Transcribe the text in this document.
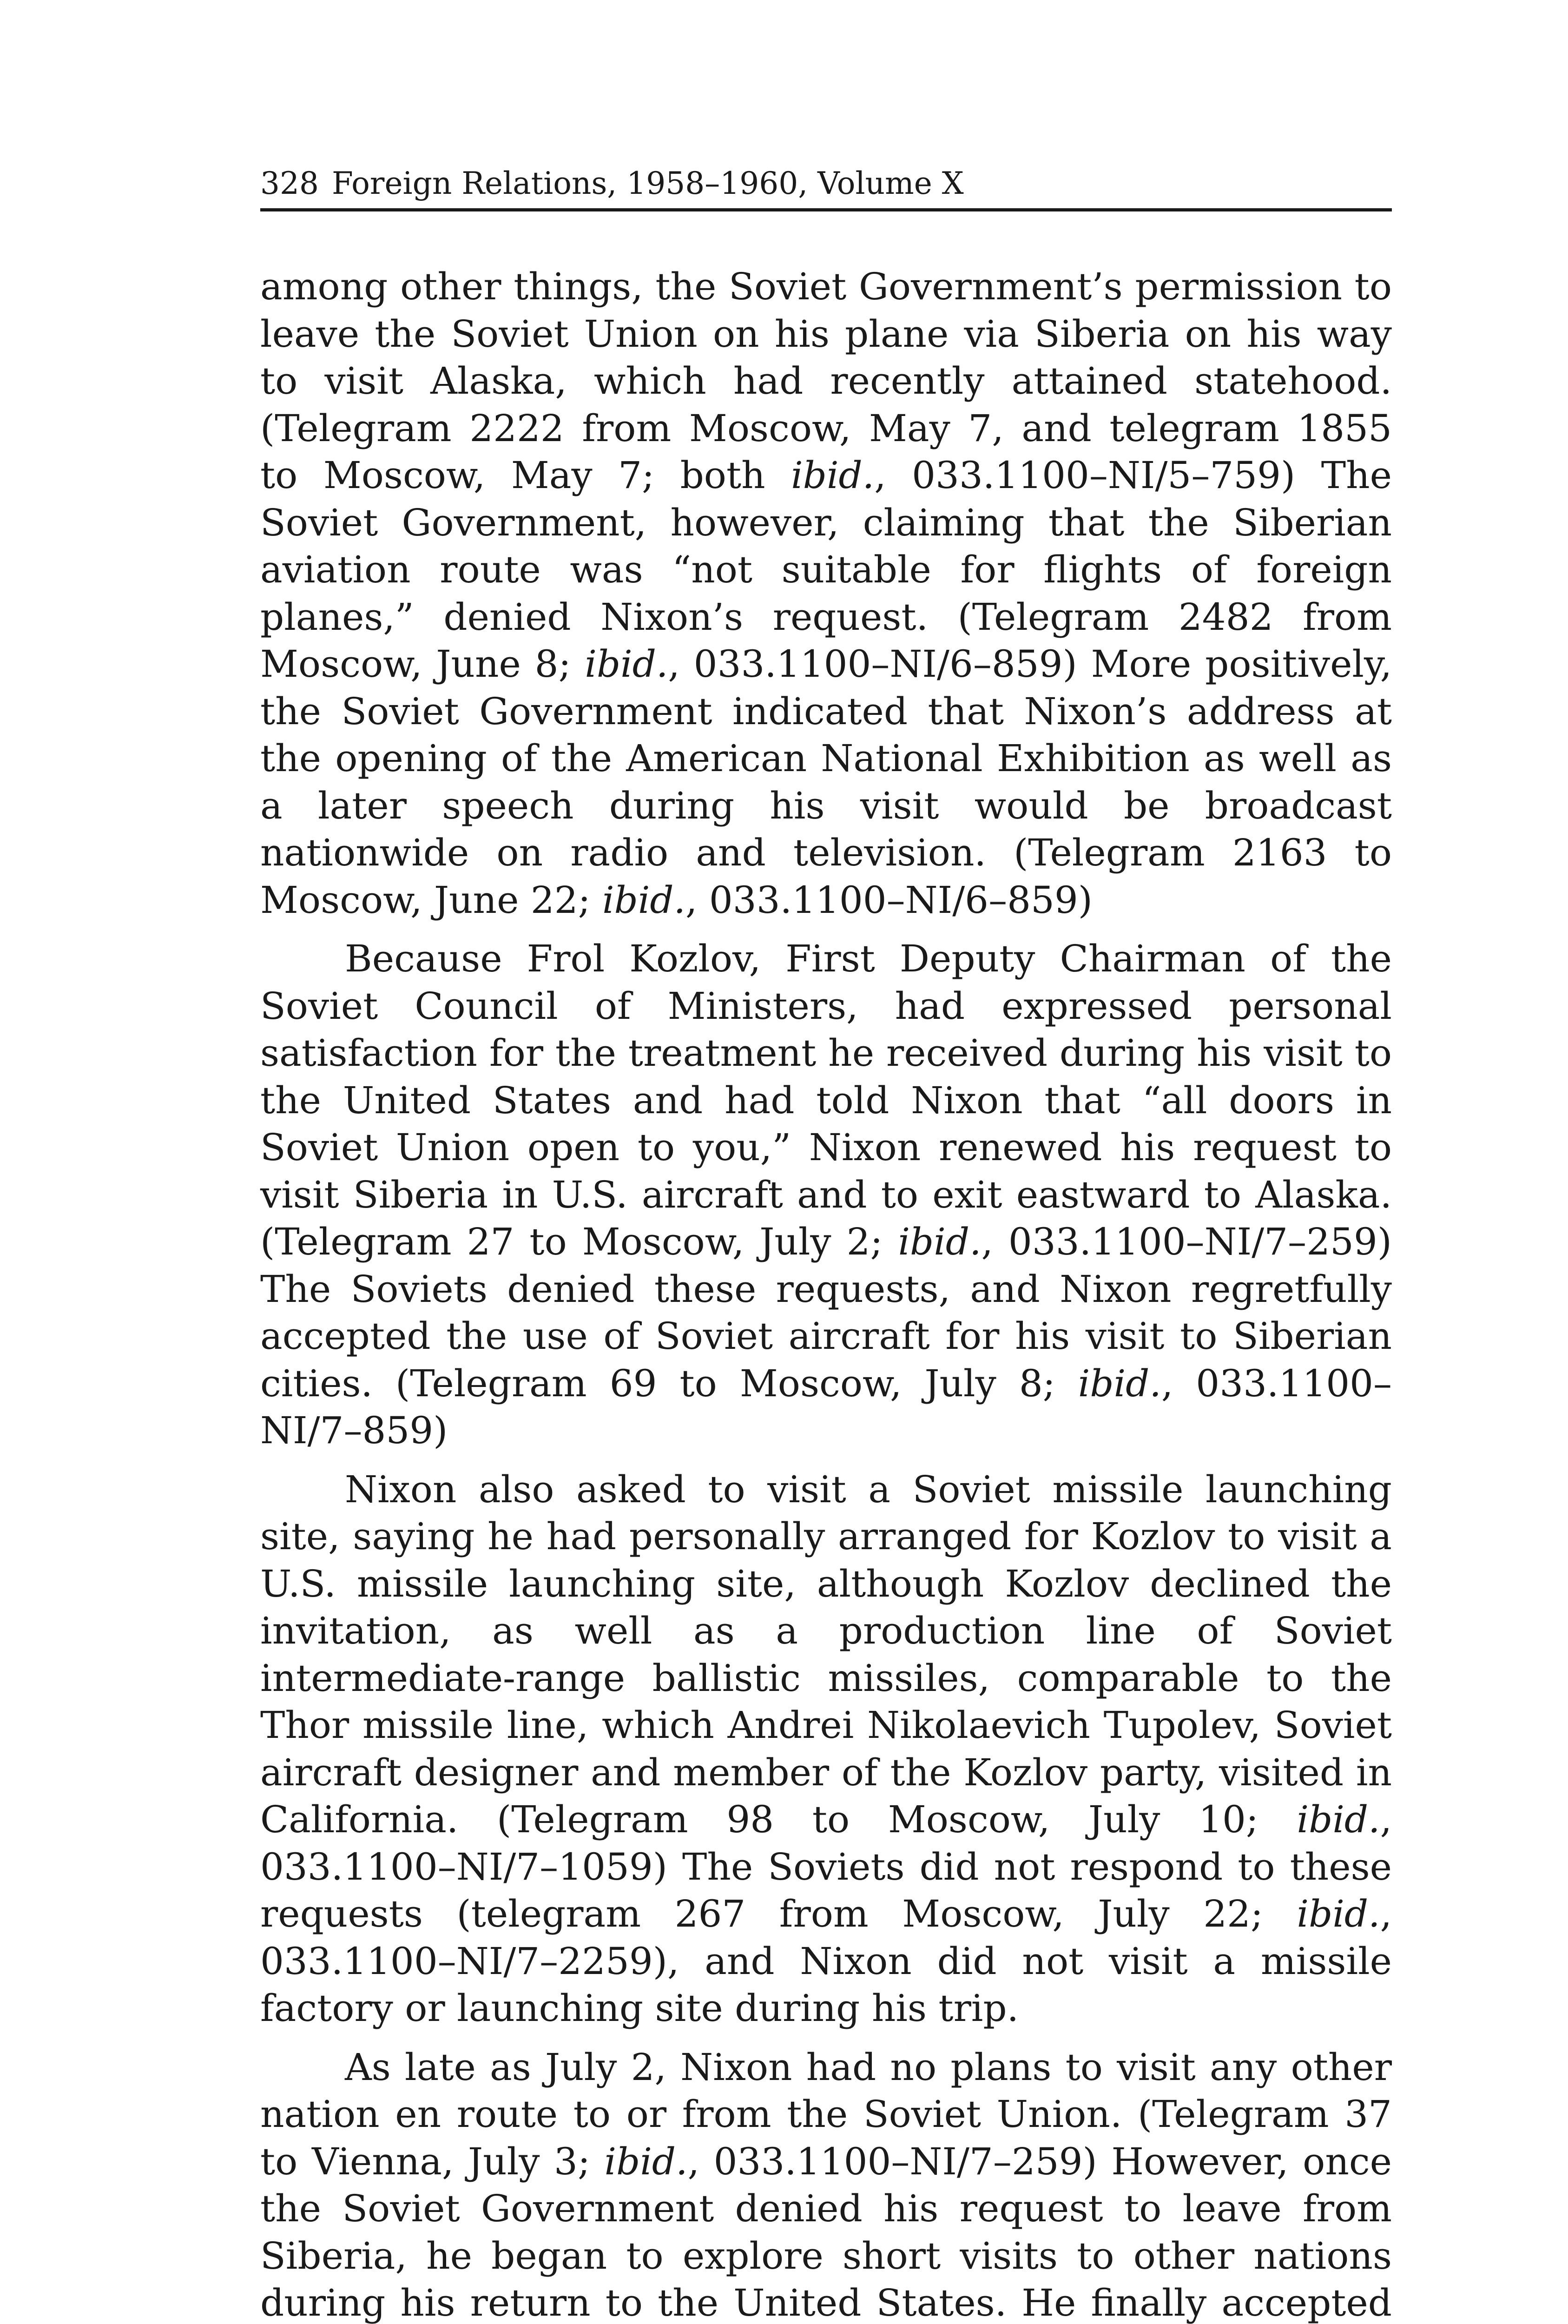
328 Foreign Relations, 1958–1960, Volume X

among other things, the Soviet Government’s permission to leave the Soviet Union on his plane via Siberia on his way to visit Alaska, which had recently attained statehood. (Telegram 2222 from Moscow, May 7, and telegram 1855 to Moscow, May 7; both ibid., 033.1100–NI/5–759) The Soviet Government, however, claiming that the Siberian aviation route was “not suitable for flights of foreign planes,” denied Nixon’s request. (Telegram 2482 from Moscow, June 8; ibid., 033.1100–NI/6–859) More positively, the Soviet Government indicated that Nixon’s address at the opening of the American National Exhibition as well as a later speech during his visit would be broadcast nationwide on radio and television. (Telegram 2163 to Moscow, June 22; ibid., 033.1100–NI/6–859)

Because Frol Kozlov, First Deputy Chairman of the Soviet Council of Ministers, had expressed personal satisfaction for the treatment he received during his visit to the United States and had told Nixon that “all doors in Soviet Union open to you,” Nixon renewed his request to visit Siberia in U.S. aircraft and to exit eastward to Alaska. (Telegram 27 to Moscow, July 2; ibid., 033.1100–NI/7–259) The Soviets denied these requests, and Nixon regretfully accepted the use of Soviet aircraft for his visit to Siberian cities. (Telegram 69 to Moscow, July 8; ibid., 033.1100–NI/7–859)

Nixon also asked to visit a Soviet missile launching site, saying he had personally arranged for Kozlov to visit a U.S. missile launching site, although Kozlov declined the invitation, as well as a production line of Soviet intermediate-range ballistic missiles, comparable to the Thor missile line, which Andrei Nikolaevich Tupolev, Soviet aircraft designer and member of the Kozlov party, visited in California. (Telegram 98 to Moscow, July 10; ibid., 033.1100–NI/7–1059) The Soviets did not respond to these requests (telegram 267 from Moscow, July 22; ibid., 033.1100–NI/7–2259), and Nixon did not visit a missile factory or launching site during his trip.

As late as July 2, Nixon had no plans to visit any other nation en route to or from the Soviet Union. (Telegram 37 to Vienna, July 3; ibid., 033.1100–NI/7–259) However, once the Soviet Government denied his request to leave from Siberia, he began to explore short visits to other nations during his return to the United States. He finally accepted
